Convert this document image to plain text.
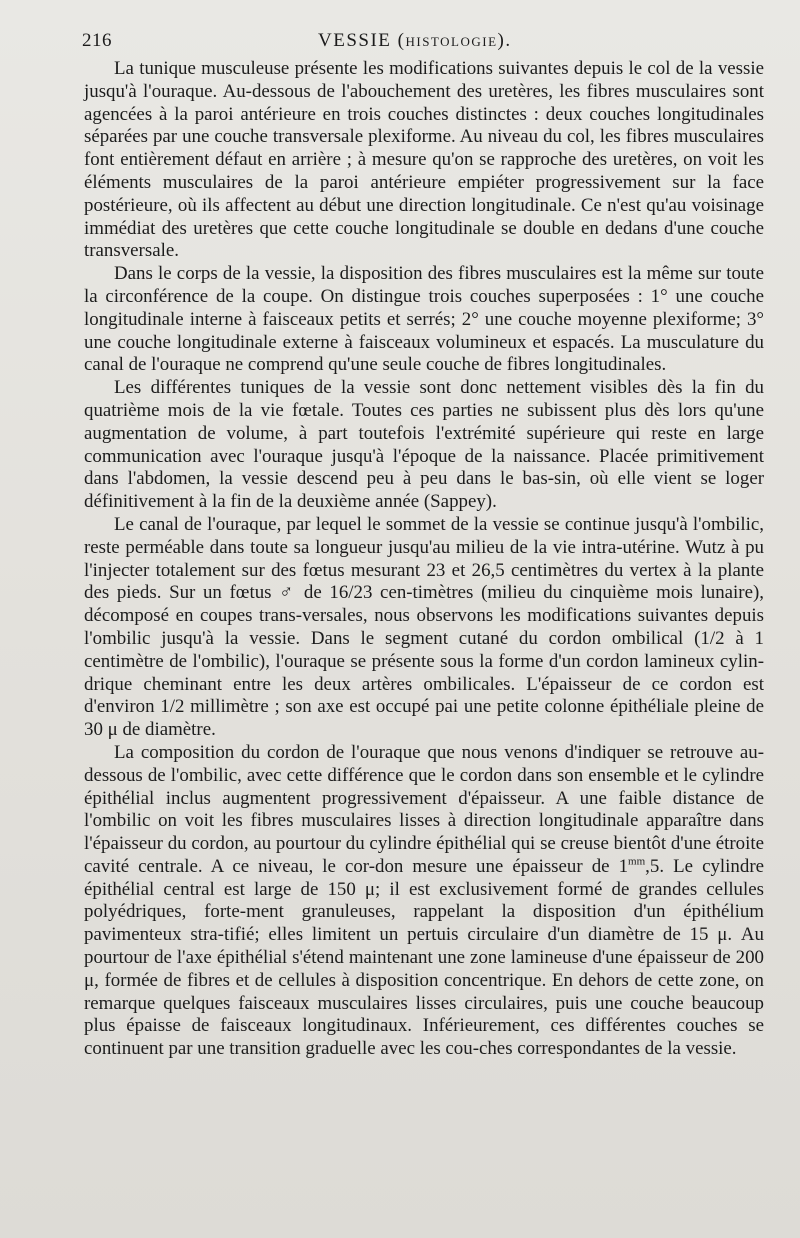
216	VESSIE (HISTOLOGIE).

La tunique musculeuse présente les modifications suivantes depuis le col de la vessie jusqu'à l'ouraque. Au-dessous de l'abouchement des uretères, les fibres musculaires sont agencées à la paroi antérieure en trois couches distinctes : deux couches longitudinales séparées par une couche transversale plexiforme. Au niveau du col, les fibres musculaires font entièrement défaut en arrière ; à mesure qu'on se rapproche des uretères, on voit les éléments musculaires de la paroi antérieure empiéter progressivement sur la face postérieure, où ils affectent au début une direction longitudinale. Ce n'est qu'au voisinage immédiat des uretères que cette couche longitudinale se double en dedans d'une couche transversale.

Dans le corps de la vessie, la disposition des fibres musculaires est la même sur toute la circonférence de la coupe. On distingue trois couches superposées : 1° une couche longitudinale interne à faisceaux petits et serrés; 2° une couche moyenne plexiforme; 3° une couche longitudinale externe à faisceaux volumineux et espacés. La musculature du canal de l'ouraque ne comprend qu'une seule couche de fibres longitudinales.

Les différentes tuniques de la vessie sont donc nettement visibles dès la fin du quatrième mois de la vie fœtale. Toutes ces parties ne subissent plus dès lors qu'une augmentation de volume, à part toutefois l'extrémité supérieure qui reste en large communication avec l'ouraque jusqu'à l'époque de la naissance. Placée primitivement dans l'abdomen, la vessie descend peu à peu dans le bas-sin, où elle vient se loger définitivement à la fin de la deuxième année (Sappey).

Le canal de l'ouraque, par lequel le sommet de la vessie se continue jusqu'à l'ombilic, reste perméable dans toute sa longueur jusqu'au milieu de la vie intra-utérine. Wutz à pu l'injecter totalement sur des fœtus mesurant 23 et 26,5 centimètres du vertex à la plante des pieds. Sur un fœtus ♂ de 16/23 cen-timètres (milieu du cinquième mois lunaire), décomposé en coupes trans-versales, nous observons les modifications suivantes depuis l'ombilic jusqu'à la vessie. Dans le segment cutané du cordon ombilical (1/2 à 1 centimètre de l'ombilic), l'ouraque se présente sous la forme d'un cordon lamineux cylin-drique cheminant entre les deux artères ombilicales. L'épaisseur de ce cordon est d'environ 1/2 millimètre ; son axe est occupé pai une petite colonne épithéliale pleine de 30 μ de diamètre.

La composition du cordon de l'ouraque que nous venons d'indiquer se retrouve au-dessous de l'ombilic, avec cette différence que le cordon dans son ensemble et le cylindre épithélial inclus augmentent progressivement d'épaisseur. A une faible distance de l'ombilic on voit les fibres musculaires lisses à direction longitudinale apparaître dans l'épaisseur du cordon, au pourtour du cylindre épithélial qui se creuse bientôt d'une étroite cavité centrale. A ce niveau, le cor-don mesure une épaisseur de $1^{mm},5$. Le cylindre épithélial central est large de 150 μ; il est exclusivement formé de grandes cellules polyédriques, forte-ment granuleuses, rappelant la disposition d'un épithélium pavimenteux stra-tifié; elles limitent un pertuis circulaire d'un diamètre de 15 μ. Au pourtour de l'axe épithélial s'étend maintenant une zone lamineuse d'une épaisseur de 200 μ, formée de fibres et de cellules à disposition concentrique. En dehors de cette zone, on remarque quelques faisceaux musculaires lisses circulaires, puis une couche beaucoup plus épaisse de faisceaux longitudinaux. Inférieurement, ces différentes couches se continuent par une transition graduelle avec les cou-ches correspondantes de la vessie.
